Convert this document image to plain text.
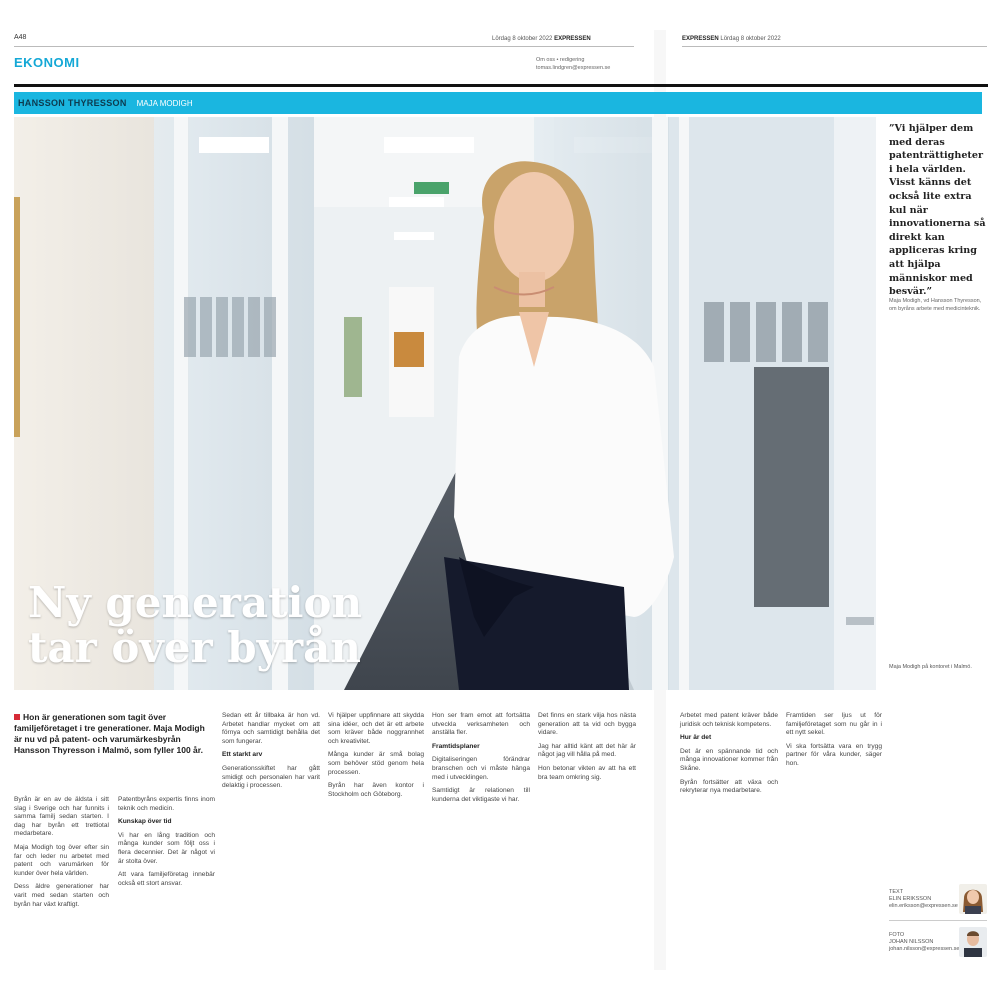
A48	Lördag 8 oktober 2022 EXPRESSEN	EXPRESSEN Lördag 8 oktober 2022
EKONOMI	Om oss • redigering
tomas.lindgren@expressen.se
HANSSON THYRESSON MAJA MODIGH
Ny generation
tar över byrån
”Vi hjälper dem med deras patenträttigheter i hela världen. Visst känns det också lite extra kul när innovationerna så direkt kan appliceras kring att hjälpa människor med besvär.”
Maja Modigh, vd Hansson Thyresson, om byråns arbete med medicinteknik.
Maja Modigh på kontoret i Malmö.
Hon är generationen som tagit över familjeföretaget i tre generationer. Maja Modigh är nu vd på patent- och varumärkesbyrån Hansson Thyresson i Malmö, som fyller 100 år.

Byrån är en av de äldsta i sitt slag i Sverige och har funnits i samma familj sedan starten. I dag har byrån ett trettiotal medarbetare.

Maja Modigh tog över efter sin far och leder nu arbetet med patent och varumärken för kunder över hela världen.

Dess äldre generationer har varit med sedan starten och byrån har växt kraftigt.

Patentbyråns expertis finns inom teknik och medicin.

Kunskap över tid

Vi har en lång tradition och många kunder som följt oss i flera decennier. Det är något vi är stolta över.

Att vara familjeföretag innebär också ett stort ansvar.

Sedan ett år tillbaka är hon vd. Arbetet handlar mycket om att förnya och samtidigt behålla det som fungerar.

Ett starkt arv

Generationsskiftet har gått smidigt och personalen har varit delaktig i processen.

Vi hjälper uppfinnare att skydda sina idéer, och det är ett arbete som kräver både noggrannhet och kreativitet.

Många kunder är små bolag som behöver stöd genom hela processen.

Byrån har även kontor i Stockholm och Göteborg.

Hon ser fram emot att fortsätta utveckla verksamheten och anställa fler.

Framtidsplaner

Digitaliseringen förändrar branschen och vi måste hänga med i utvecklingen.

Samtidigt är relationen till kunderna det viktigaste vi har.

Det finns en stark vilja hos nästa generation att ta vid och bygga vidare.

Jag har alltid känt att det här är något jag vill hålla på med.

Hon betonar vikten av att ha ett bra team omkring sig.

Arbetet med patent kräver både juridisk och teknisk kompetens.

Hur är det

Det är en spännande tid och många innovationer kommer från Skåne.

Byrån fortsätter att växa och rekryterar nya medarbetare.

Framtiden ser ljus ut för familjeföretaget som nu går in i ett nytt sekel.

Vi ska fortsätta vara en trygg partner för våra kunder, säger hon.

TEXT
ELIN ERIKSSON
elin.eriksson@expressen.se
FOTO
JOHAN NILSSON
johan.nilsson@expressen.se
